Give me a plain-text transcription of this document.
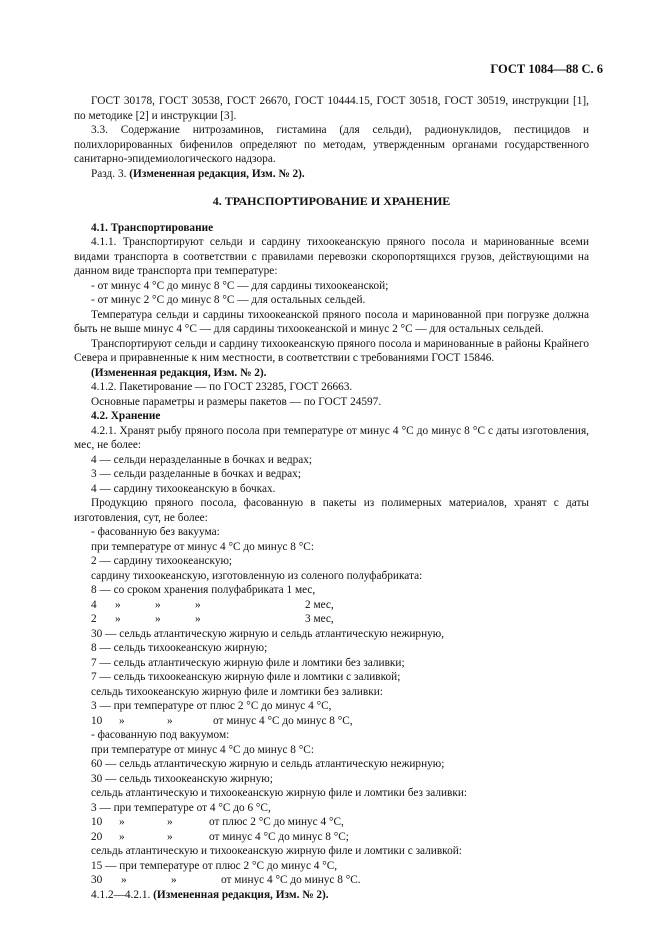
ГОСТ 1084—88 С. 6

ГОСТ 30178, ГОСТ 30538, ГОСТ 26670, ГОСТ 10444.15, ГОСТ 30518, ГОСТ 30519, инструкции [1], по методике [2] и инструкции [3].

3.3. Содержание нитрозаминов, гистамина (для сельди), радионуклидов, пестицидов и полихлорированных бифенилов определяют по методам, утвержденным органами государственного санитарно-эпидемиологического надзора.

Разд. 3. (Измененная редакция, Изм. № 2).

4. ТРАНСПОРТИРОВАНИЕ И ХРАНЕНИЕ

4.1. Транспортирование

4.1.1. Транспортируют сельди и сардину тихоокеанскую пряного посола и маринованные всеми видами транспорта в соответствии с правилами перевозки скоропортящихся грузов, действующими на данном виде транспорта при температуре:

- от минус 4 °С до минус 8 °С — для сардины тихоокеанской;

- от минус 2 °С до минус 8 °С — для остальных сельдей.

Температура сельди и сардины тихоокеанской пряного посола и маринованной при погрузке должна быть не выше минус 4 °С — для сардины тихоокеанской и минус 2 °С — для остальных сельдей.

Транспортируют сельди и сардину тихоокеанскую пряного посола и маринованные в районы Крайнего Севера и приравненные к ним местности, в соответствии с требованиями ГОСТ 15846.

(Измененная редакция, Изм. № 2).

4.1.2. Пакетирование — по ГОСТ 23285, ГОСТ 26663.

Основные параметры и размеры пакетов — по ГОСТ 24597.

4.2. Хранение

4.2.1. Хранят рыбу пряного посола при температуре от минус 4 °С до минус 8 °С с даты изготовления, мес, не более:

4 — сельди неразделанные в бочках и ведрах;

3 — сельди разделанные в бочках и ведрах;

4 — сардину тихоокеанскую в бочках.

Продукцию пряного посола, фасованную в пакеты из полимерных материалов, хранят с даты изготовления, сут, не более:

- фасованную без вакуума:

при температуре от минус 4 °С до минус 8 °С:

2 — сардину тихоокеанскую;

сардину тихоокеанскую, изготовленную из соленого полуфабриката:

8 — со сроком хранения полуфабриката 1 мес,

4	»	»	»	2 мес,

2	»	»	»	3 мес,

30 — сельдь атлантическую жирную и сельдь атлантическую нежирную,

8 — сельдь тихоокеанскую жирную;

7 — сельдь атлантическую жирную филе и ломтики без заливки;

7 — сельдь тихоокеанскую жирную филе и ломтики с заливкой;

сельдь тихоокеанскую жирную филе и ломтики без заливки:

3 — при температуре от плюс 2 °С до минус 4 °С,

10	»	»	от минус 4 °С до минус 8 °С,

- фасованную под вакуумом:

при температуре от минус 4 °С до минус 8 °С:

60 — сельдь атлантическую жирную и сельдь атлантическую нежирную;

30 — сельдь тихоокеанскую жирную;

сельдь атлантическую и тихоокеанскую жирную филе и ломтики без заливки:

3 — при температуре от 4 °С до 6 °С,

10	»	»	от плюс 2 °С до минус 4 °С,

20	»	»	от минус 4 °С до минус 8 °С;

сельдь атлантическую и тихоокеанскую жирную филе и ломтики с заливкой:

15 — при температуре от плюс 2 °С до минус 4 °С,

30	»	»	от минус 4 °С до минус 8 °С.

4.1.2—4.2.1. (Измененная редакция, Изм. № 2).
